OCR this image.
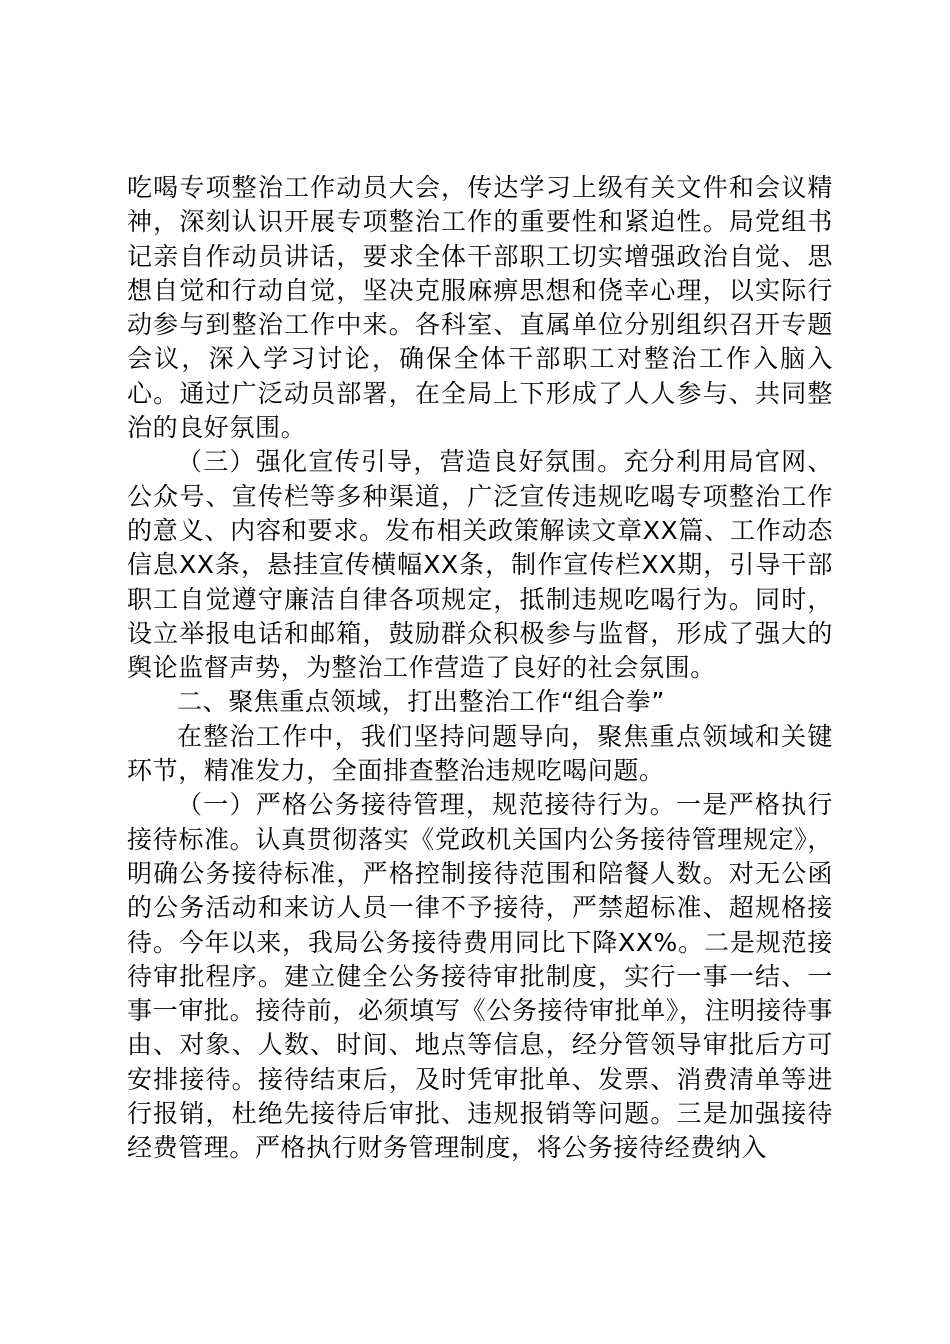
吃喝专项整治工作动员大会，传达学习上级有关文件和会议精神，深刻认识开展专项整治工作的重要性和紧迫性。局党组书记亲自作动员讲话，要求全体干部职工切实增强政治自觉、思想自觉和行动自觉，坚决克服麻痹思想和侥幸心理，以实际行动参与到整治工作中来。各科室、直属单位分别组织召开专题会议，深入学习讨论，确保全体干部职工对整治工作入脑入心。通过广泛动员部署，在全局上下形成了人人参与、共同整治的良好氛围。

（三）强化宣传引导，营造良好氛围。充分利用局官网、公众号、宣传栏等多种渠道，广泛宣传违规吃喝专项整治工作的意义、内容和要求。发布相关政策解读文章XX篇、工作动态信息XX条，悬挂宣传横幅XX条，制作宣传栏XX期，引导干部职工自觉遵守廉洁自律各项规定，抵制违规吃喝行为。同时，设立举报电话和邮箱，鼓励群众积极参与监督，形成了强大的舆论监督声势，为整治工作营造了良好的社会氛围。

二、聚焦重点领域，打出整治工作“组合拳”

在整治工作中，我们坚持问题导向，聚焦重点领域和关键环节，精准发力，全面排查整治违规吃喝问题。

（一）严格公务接待管理，规范接待行为。一是严格执行接待标准。认真贯彻落实《党政机关国内公务接待管理规定》，明确公务接待标准，严格控制接待范围和陪餐人数。对无公函的公务活动和来访人员一律不予接待，严禁超标准、超规格接待。今年以来，我局公务接待费用同比下降XX%。二是规范接待审批程序。建立健全公务接待审批制度，实行一事一结、一事一审批。接待前，必须填写《公务接待审批单》，注明接待事由、对象、人数、时间、地点等信息，经分管领导审批后方可安排接待。接待结束后，及时凭审批单、发票、消费清单等进行报销，杜绝先接待后审批、违规报销等问题。三是加强接待经费管理。严格执行财务管理制度，将公务接待经费纳入
